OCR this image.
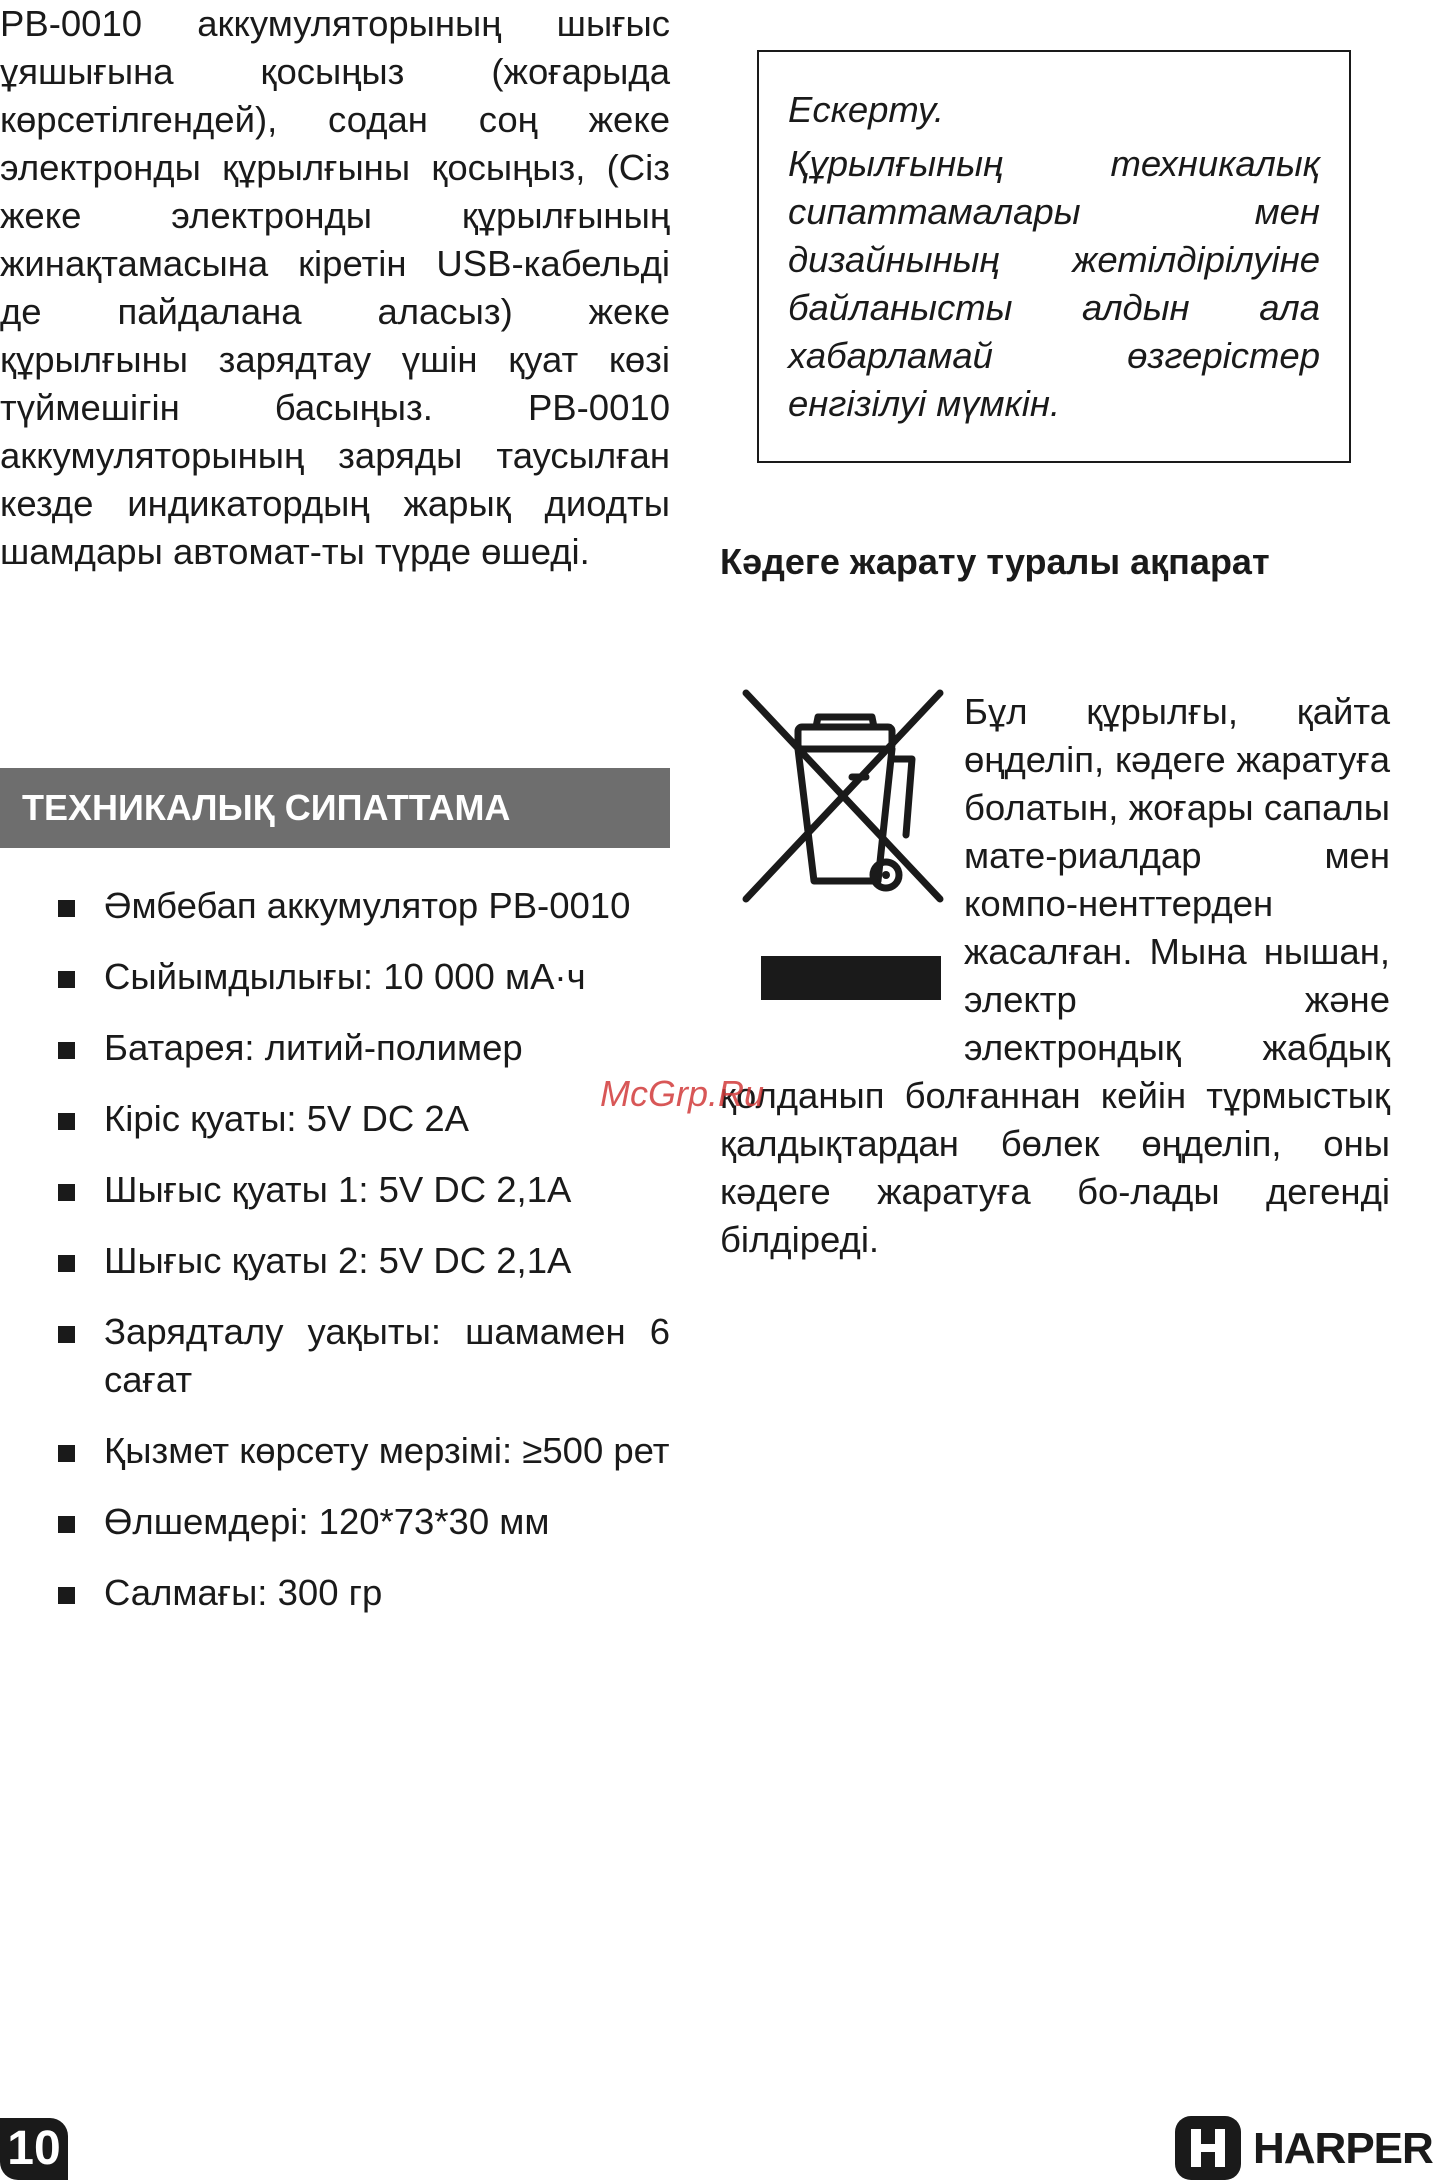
PB-0010 аккумуляторының шығыс ұяшығына қосыңыз (жоғарыда көрсетілгендей), содан соң жеке электронды құрылғыны қосыңыз, (Сіз жеке электронды құрылғының жинақтамасына кіретін USB-кабельді де пайдалана аласыз) жеке құрылғыны зарядтау үшін қуат көзі түймешігін басыңыз. PB-0010 аккумуляторының заряды таусылған кезде индикатордың жарық диодты шамдары автомат-ты түрде өшеді.

ТЕХНИКАЛЫҚ СИПАТТАМА
Әмбебап аккумулятор PB-0010
Сыйымдылығы: 10 000 мА·ч
Батарея: литий-полимер
Кіріс қуаты: 5V DC 2A
Шығыс қуаты 1: 5V DC 2,1A
Шығыс қуаты 2: 5V DC 2,1A
Зарядталу уақыты: шамамен 6 сағат
Қызмет көрсету мерзімі: ≥500 рет
Өлшемдері: 120*73*30 мм
Салмағы: 300 гр

Ескерту.

Құрылғының техникалық сипаттамалары мен дизайнының жетілдірілуіне байланысты алдын ала хабарламай өзгерістер енгізілуі мүмкін.

Кәдеге жарату туралы ақпарат

Бұл құрылғы, қайта өңделіп, кәдеге жаратуға болатын, жоғары сапалы мате-риалдар мен компо-ненттерден жасалған. Мына нышан, электр және электрондық жабдық қолданып болғаннан кейін тұрмыстық қалдықтардан бөлек өңделіп, оны кәдеге жаратуға бо-лады дегенді білдіреді.

McGrp.Ru
10	HARPER
